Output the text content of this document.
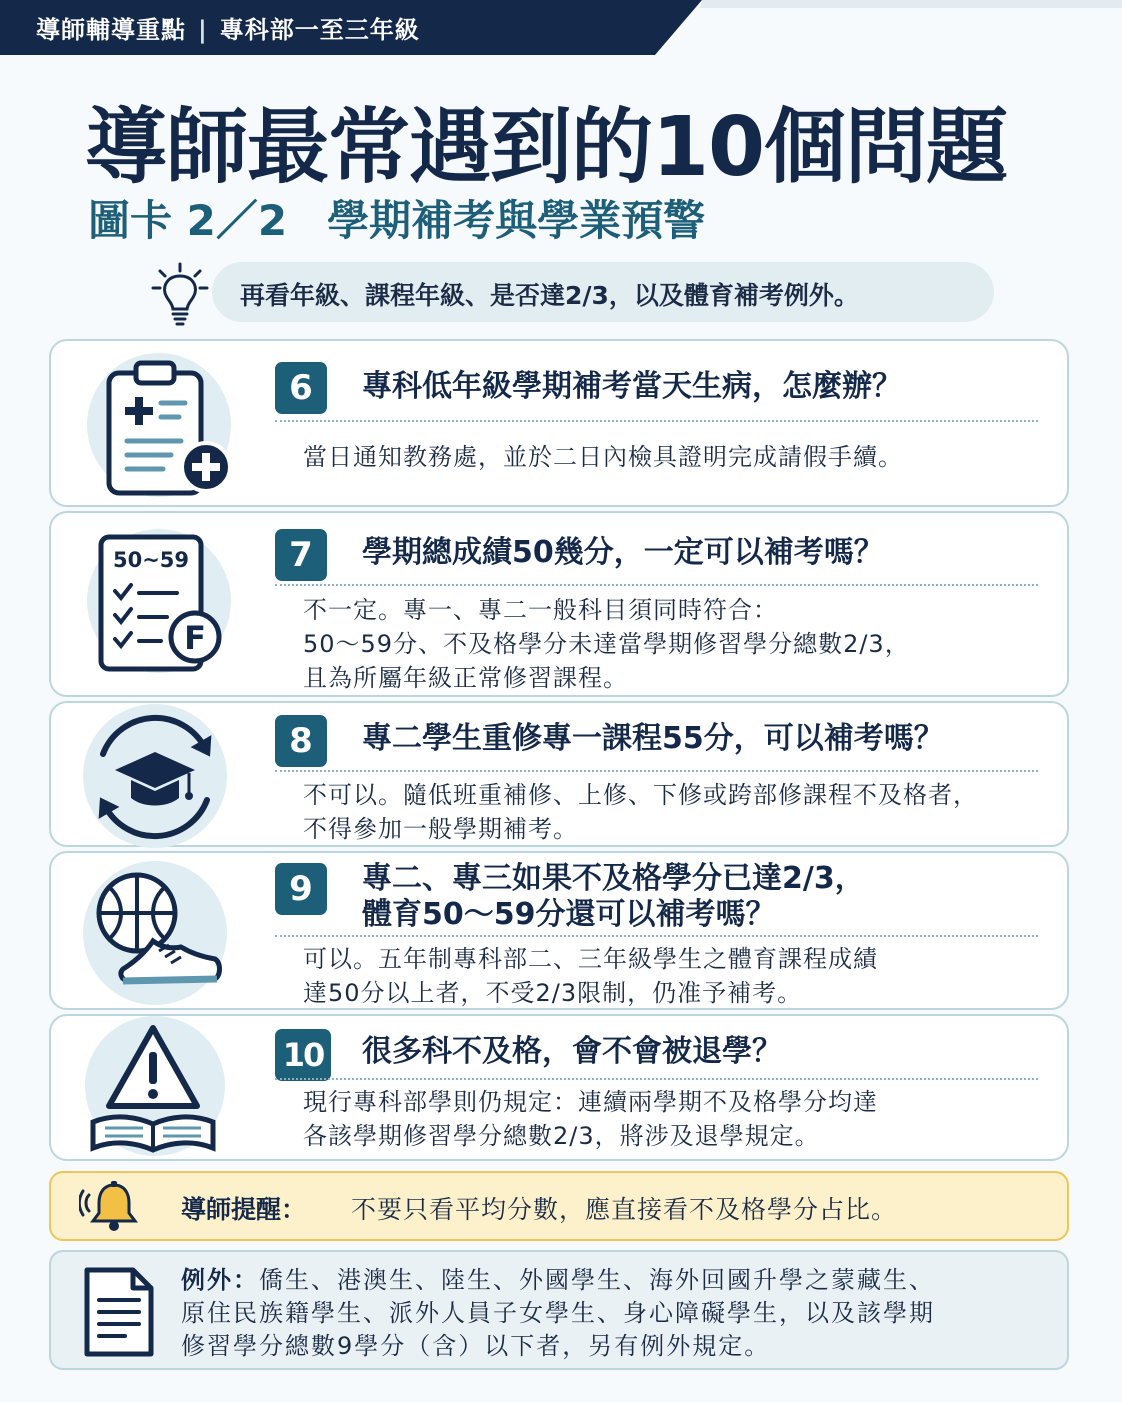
導師輔導重點 | 專科部一至三年級
導師最常遇到的10個問題
圖卡 2／2 學期補考與學業預警
再看年級、課程年級、是否達2/3，以及體育補考例外。
6	專科低年級學期補考當天生病，怎麼辦？
當日通知教務處，並於二日內檢具證明完成請假手續。
50~59
F
7	學期總成績50幾分，一定可以補考嗎？
不一定。專一、專二一般科目須同時符合：
50～59分、不及格學分未達當學期修習學分總數2/3，
且為所屬年級正常修習課程。
8	專二學生重修專一課程55分，可以補考嗎？
不可以。隨低班重補修、上修、下修或跨部修課程不及格者，
不得參加一般學期補考。
9	專二、專三如果不及格學分已達2/3，
體育50～59分還可以補考嗎？
可以。五年制專科部二、三年級學生之體育課程成績
達50分以上者，不受2/3限制，仍准予補考。
10 很多科不及格，會不會被退學？
現行專科部學則仍規定：連續兩學期不及格學分均達
各該學期修習學分總數2/3，將涉及退學規定。
導師提醒： 不要只看平均分數，應直接看不及格學分占比。
例外：僑生、港澳生、陸生、外國學生、海外回國升學之蒙藏生、
原住民族籍學生、派外人員子女學生、身心障礙學生，以及該學期
修習學分總數9學分（含）以下者，另有例外規定。
